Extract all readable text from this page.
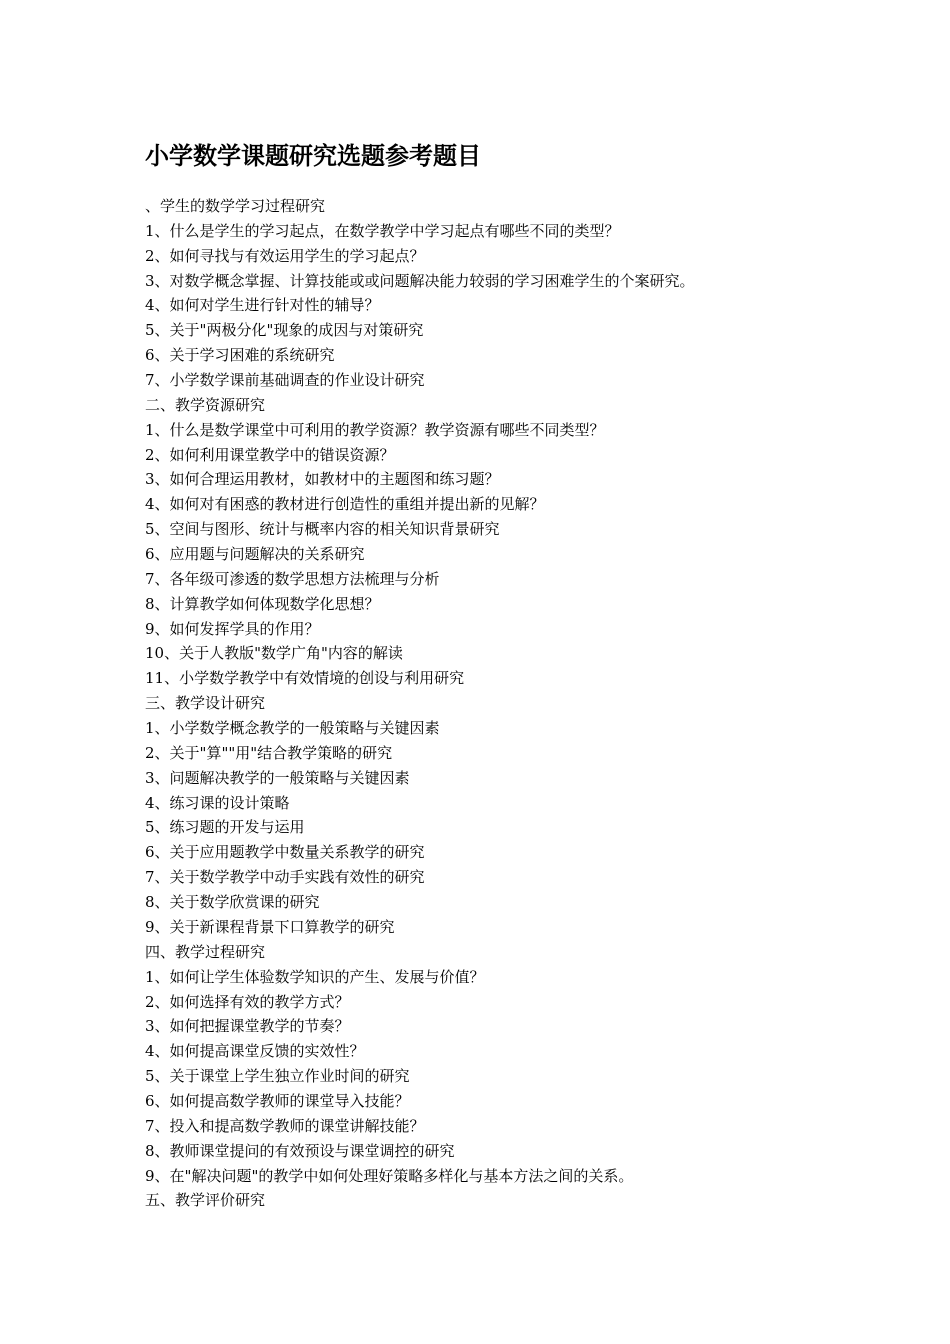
小学数学课题研究选题参考题目
、学生的数学学习过程研究
1、什么是学生的学习起点，在数学教学中学习起点有哪些不同的类型？
2、如何寻找与有效运用学生的学习起点？
3、对数学概念掌握、计算技能或或问题解决能力较弱的学习困难学生的个案研究。
4、如何对学生进行针对性的辅导？
5、关于"两极分化"现象的成因与对策研究
6、关于学习困难的系统研究
7、小学数学课前基础调查的作业设计研究
二、教学资源研究
1、什么是数学课堂中可利用的教学资源？教学资源有哪些不同类型？
2、如何利用课堂教学中的错误资源？
3、如何合理运用教材，如教材中的主题图和练习题？
4、如何对有困惑的教材进行创造性的重组并提出新的见解？
5、空间与图形、统计与概率内容的相关知识背景研究
6、应用题与问题解决的关系研究
7、各年级可渗透的数学思想方法梳理与分析
8、计算教学如何体现数学化思想？
9、如何发挥学具的作用？
10、关于人教版"数学广角"内容的解读
11、小学数学教学中有效情境的创设与利用研究
三、教学设计研究
1、小学数学概念教学的一般策略与关键因素
2、关于"算""用"结合教学策略的研究
3、问题解决教学的一般策略与关键因素
4、练习课的设计策略
5、练习题的开发与运用
6、关于应用题教学中数量关系教学的研究
7、关于数学教学中动手实践有效性的研究
8、关于数学欣赏课的研究
9、关于新课程背景下口算教学的研究
四、教学过程研究
1、如何让学生体验数学知识的产生、发展与价值？
2、如何选择有效的教学方式？
3、如何把握课堂教学的节奏？
4、如何提高课堂反馈的实效性？
5、关于课堂上学生独立作业时间的研究
6、如何提高数学教师的课堂导入技能？
7、投入和提高数学教师的课堂讲解技能？
8、教师课堂提问的有效预设与课堂调控的研究
9、在"解决问题"的教学中如何处理好策略多样化与基本方法之间的关系。
五、教学评价研究
